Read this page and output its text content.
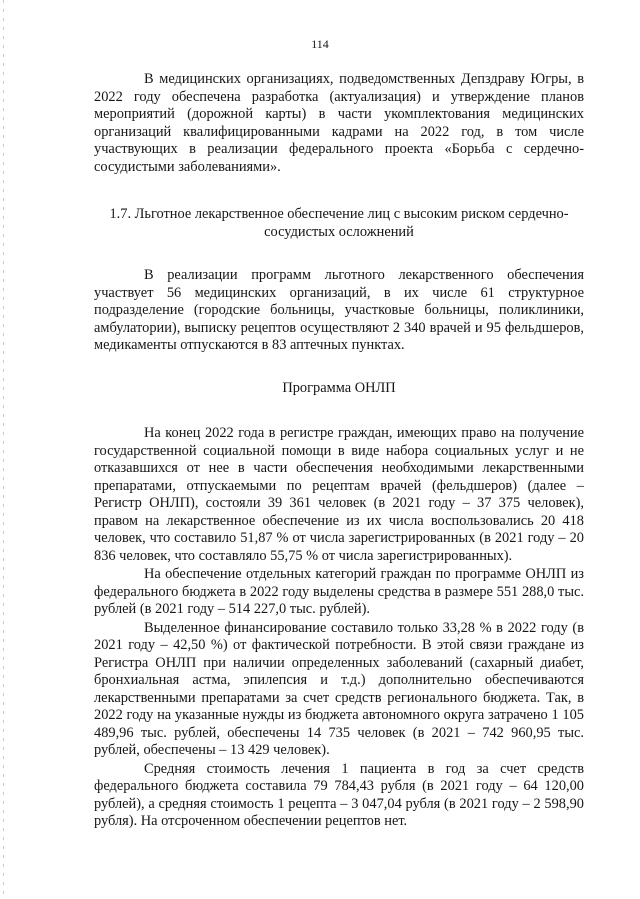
114

В медицинских организациях, подведомственных Депздраву Югры, в 2022 году обеспечена разработка (актуализация) и утверждение планов мероприятий (дорожной карты) в части укомплектования медицинских организаций квалифицированными кадрами на 2022 год, в том числе участвующих в реализации федерального проекта «Борьба с сердечно-сосудистыми заболеваниями».

1.7. Льготное лекарственное обеспечение лиц с высоким риском сердечно-сосудистых осложнений

В реализации программ льготного лекарственного обеспечения участвует 56 медицинских организаций, в их числе 61 структурное подразделение (городские больницы, участковые больницы, поликлиники, амбулатории), выписку рецептов осуществляют 2 340 врачей и 95 фельдшеров, медикаменты отпускаются в 83 аптечных пунктах.

Программа ОНЛП

На конец 2022 года в регистре граждан, имеющих право на получение государственной социальной помощи в виде набора социальных услуг и не отказавшихся от нее в части обеспечения необходимыми лекарственными препаратами, отпускаемыми по рецептам врачей (фельдшеров) (далее – Регистр ОНЛП), состояли 39 361 человек (в 2021 году – 37 375 человек), правом на лекарственное обеспечение из их числа воспользовались 20 418 человек, что составило 51,87 % от числа зарегистрированных (в 2021 году – 20 836 человек, что составляло 55,75 % от числа зарегистрированных).

На обеспечение отдельных категорий граждан по программе ОНЛП из федерального бюджета в 2022 году выделены средства в размере 551 288,0 тыс. рублей (в 2021 году – 514 227,0 тыс. рублей).

Выделенное финансирование составило только 33,28 % в 2022 году (в 2021 году – 42,50 %) от фактической потребности. В этой связи граждане из Регистра ОНЛП при наличии определенных заболеваний (сахарный диабет, бронхиальная астма, эпилепсия и т.д.) дополнительно обеспечиваются лекарственными препаратами за счет средств регионального бюджета. Так, в 2022 году на указанные нужды из бюджета автономного округа затрачено 1 105 489,96 тыс. рублей, обеспечены 14 735 человек (в 2021 – 742 960,95 тыс. рублей, обеспечены – 13 429 человек).

Средняя стоимость лечения 1 пациента в год за счет средств федерального бюджета составила 79 784,43 рубля (в 2021 году – 64 120,00 рублей), а средняя стоимость 1 рецепта – 3 047,04 рубля (в 2021 году – 2 598,90 рубля). На отсроченном обеспечении рецептов нет.
